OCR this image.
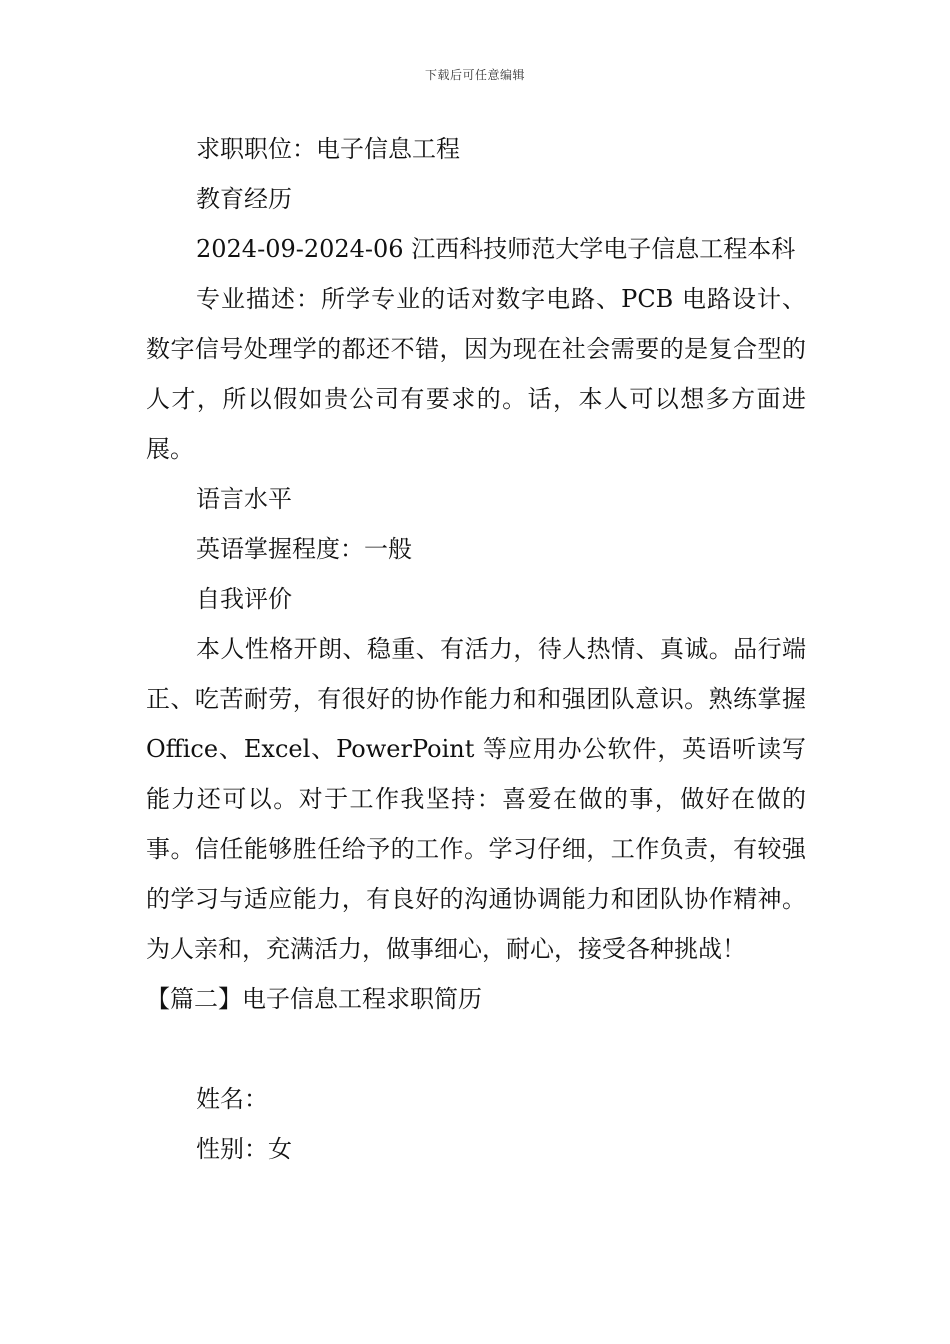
下载后可任意编辑
求职职位：电子信息工程
教育经历
2024-09-2024-06 江西科技师范大学电子信息工程本科
专业描述：所学专业的话对数字电路、PCB 电路设计、数字信号处理学的都还不错，因为现在社会需要的是复合型的人才，所以假如贵公司有要求的。话，本人可以想多方面进展。
语言水平
英语掌握程度：一般
自我评价
本人性格开朗、稳重、有活力，待人热情、真诚。品行端正、吃苦耐劳，有很好的协作能力和和强团队意识。熟练掌握 Office、Excel、PowerPoint 等应用办公软件，英语听读写能力还可以。对于工作我坚持：喜爱在做的事，做好在做的事。信任能够胜任给予的工作。学习仔细，工作负责，有较强的学习与适应能力，有良好的沟通协调能力和团队协作精神。为人亲和，充满活力，做事细心，耐心，接受各种挑战！
【篇二】电子信息工程求职简历
姓名：
性别：女
